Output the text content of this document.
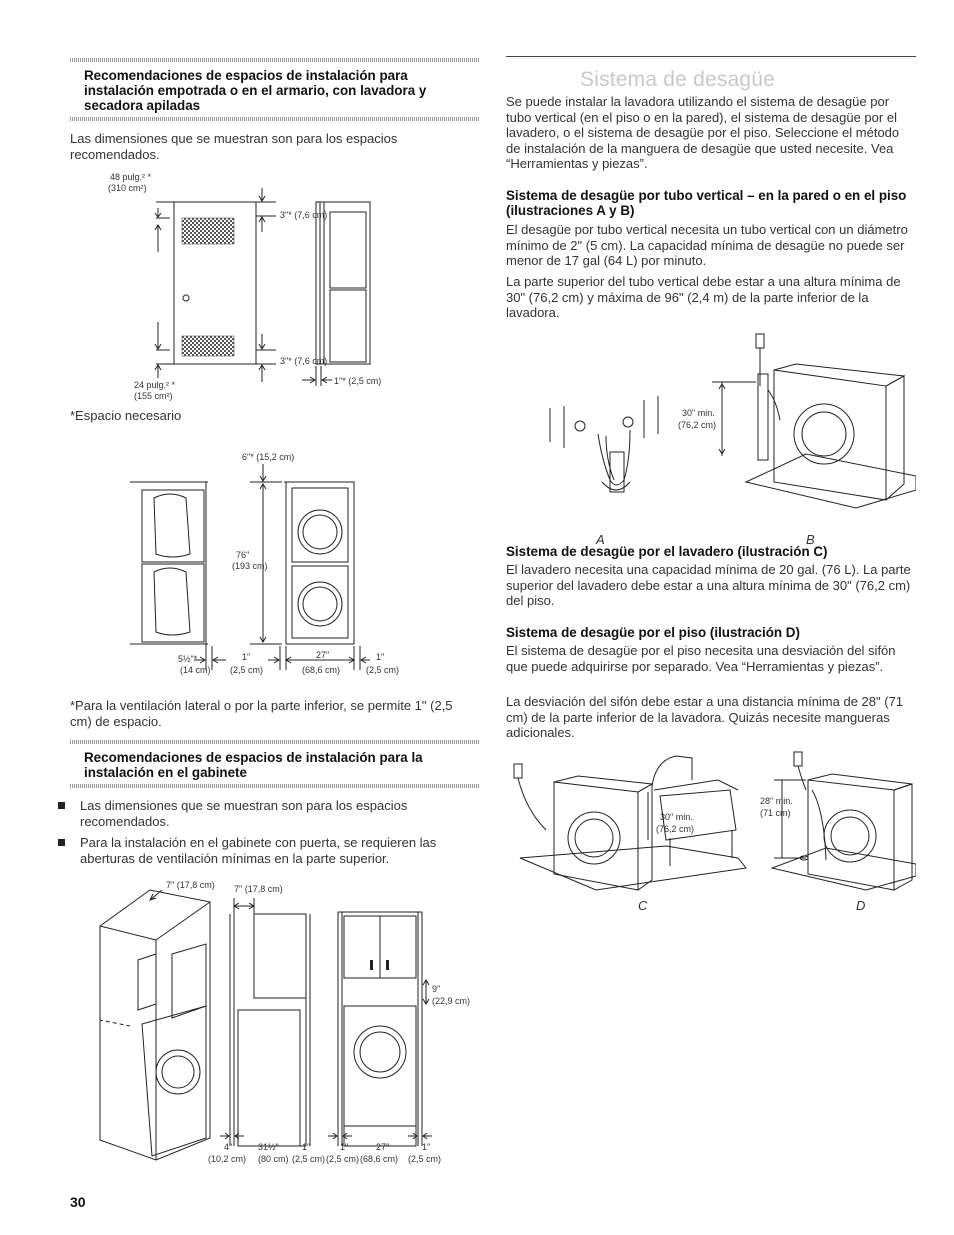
Recomendaciones de espacios de instalación para instalación empotrada o en el armario, con lavadora y secadora apiladas

Las dimensiones que se muestran son para los espacios recomendados.

48 pulg.² *
(310 cm²)
3"* (7,6 cm)
3"* (7,6 cm)
1"* (2,5 cm)
24 pulg.² *
(155 cm²)

*Espacio necesario

6"* (15,2 cm)
76"
(193 cm)
5½"*
(14 cm)
1"
(2,5 cm)
27"
(68,6 cm)
1"
(2,5 cm)

*Para la ventilación lateral o por la parte inferior, se permite 1" (2,5 cm) de espacio.

Recomendaciones de espacios de instalación para la instalación en el gabinete
Las dimensiones que se muestran son para los espacios recomendados.
Para la instalación en el gabinete con puerta, se requieren las aberturas de ventilación mínimas en la parte superior.
7" (17,8 cm) 7" (17,8 cm)
9"
(22,9 cm)
4"
(10,2 cm)
31½"
(80 cm)
1"
(2,5 cm)
1"
(2,5 cm)
27"
(68,6 cm)
1"
(2,5 cm)
30
Sistema de desagüe

Se puede instalar la lavadora utilizando el sistema de desagüe por tubo vertical (en el piso o en la pared), el sistema de desagüe por el lavadero, o el sistema de desagüe por el piso. Seleccione el método de instalación de la manguera de desagüe que usted necesite. Vea “Herramientas y piezas”.

Sistema de desagüe por tubo vertical – en la pared o en el piso (ilustraciones A y B)

El desagüe por tubo vertical necesita un tubo vertical con un diámetro mínimo de 2" (5 cm). La capacidad mínima de desagüe no puede ser menor de 17 gal (64 L) por minuto.

La parte superior del tubo vertical debe estar a una altura mínima de 30" (76,2 cm) y máxima de 96" (2,4 m) de la parte inferior de la lavadora.

30" min.
(76,2 cm)
A	B
Sistema de desagüe por el lavadero (ilustración C)

El lavadero necesita una capacidad mínima de 20 gal. (76 L). La parte superior del lavadero debe estar a una altura mínima de 30" (76,2 cm) del piso.

Sistema de desagüe por el piso (ilustración D)

El sistema de desagüe por el piso necesita una desviación del sifón que puede adquirirse por separado. Vea “Herramientas y piezas”.

La desviación del sifón debe estar a una distancia mínima de 28" (71 cm) de la parte inferior de la lavadora. Quizás necesite mangueras adicionales.

30" min.
(76,2 cm)
28" min.
(71 cm)
C	D
